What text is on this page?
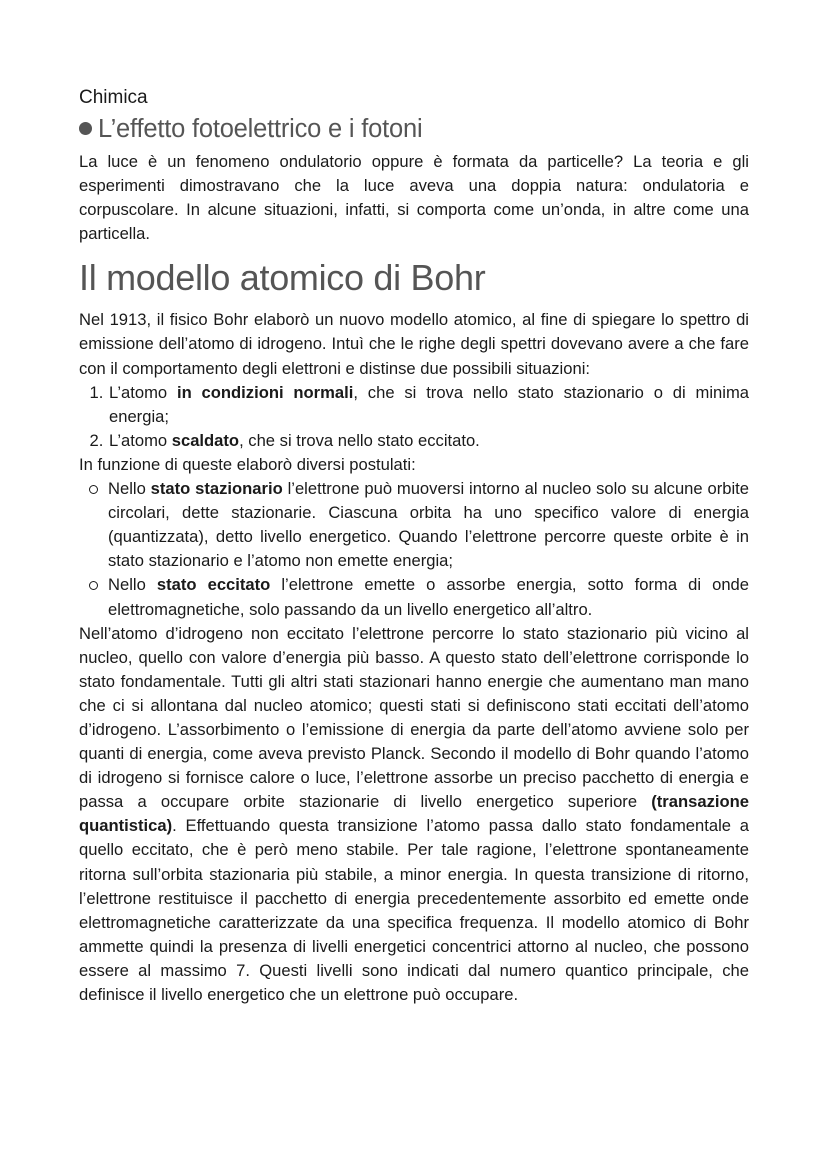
Chimica
L’effetto fotoelettrico e i fotoni

La luce è un fenomeno ondulatorio oppure è formata da particelle? La teoria e gli esperimenti dimostravano che la luce aveva una doppia natura: ondulatoria e corpuscolare. In alcune situazioni, infatti, si comporta come un’onda, in altre come una particella.

Il modello atomico di Bohr

Nel 1913, il fisico Bohr elaborò un nuovo modello atomico, al fine di spiegare lo spettro di emissione dell’atomo di idrogeno. Intuì che le righe degli spettri dovevano avere a che fare con il comportamento degli elettroni e distinse due possibili situazioni:

1. L’atomo in condizioni normali, che si trova nello stato stazionario o di minima energia;
2. L’atomo scaldato, che si trova nello stato eccitato.

In funzione di queste elaborò diversi postulati:

Nello stato stazionario l’elettrone può muoversi intorno al nucleo solo su alcune orbite circolari, dette stazionarie. Ciascuna orbita ha uno specifico valore di energia (quantizzata), detto livello energetico. Quando l’elettrone percorre queste orbite è in stato stazionario e l’atomo non emette energia;
Nello stato eccitato l’elettrone emette o assorbe energia, sotto forma di onde elettromagnetiche, solo passando da un livello energetico all’altro.

Nell’atomo d’idrogeno non eccitato l’elettrone percorre lo stato stazionario più vicino al nucleo, quello con valore d’energia più basso. A questo stato dell’elettrone corrisponde lo stato fondamentale. Tutti gli altri stati stazionari hanno energie che aumentano man mano che ci si allontana dal nucleo atomico; questi stati si definiscono stati eccitati dell’atomo d’idrogeno. L’assorbimento o l’emissione di energia da parte dell’atomo avviene solo per quanti di energia, come aveva previsto Planck. Secondo il modello di Bohr quando l’atomo di idrogeno si fornisce calore o luce, l’elettrone assorbe un preciso pacchetto di energia e passa a occupare orbite stazionarie di livello energetico superiore (transazione quantistica). Effettuando questa transizione l’atomo passa dallo stato fondamentale a quello eccitato, che è però meno stabile. Per tale ragione, l’elettrone spontaneamente ritorna sull’orbita stazionaria più stabile, a minor energia. In questa transizione di ritorno, l’elettrone restituisce il pacchetto di energia precedentemente assorbito ed emette onde elettromagnetiche caratterizzate da una specifica frequenza. Il modello atomico di Bohr ammette quindi la presenza di livelli energetici concentrici attorno al nucleo, che possono essere al massimo 7. Questi livelli sono indicati dal numero quantico principale, che definisce il livello energetico che un elettrone può occupare.
